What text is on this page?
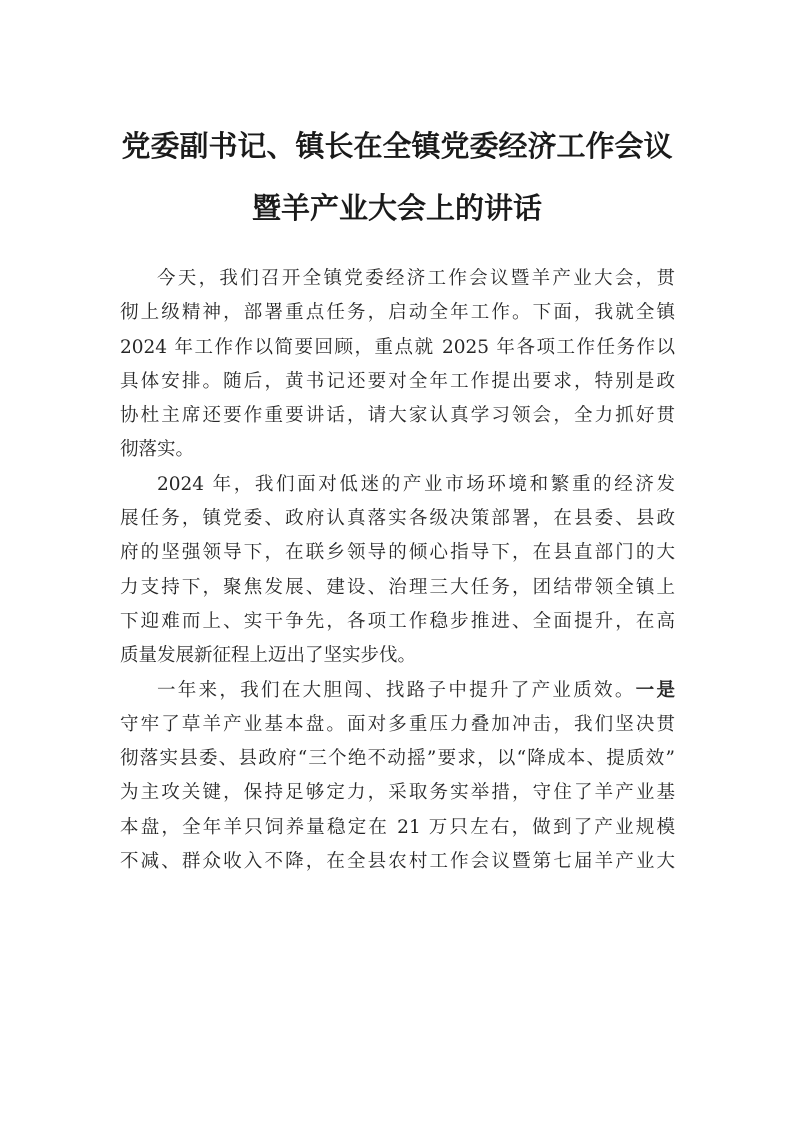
党委副书记、镇长在全镇党委经济工作会议
暨羊产业大会上的讲话
今天，我们召开全镇党委经济工作会议暨羊产业大会，贯
彻上级精神，部署重点任务，启动全年工作。下面，我就全镇
2024 年工作作以简要回顾，重点就 2025 年各项工作任务作以
具体安排。随后，黄书记还要对全年工作提出要求，特别是政
协杜主席还要作重要讲话，请大家认真学习领会，全力抓好贯
彻落实。
2024 年，我们面对低迷的产业市场环境和繁重的经济发
展任务，镇党委、政府认真落实各级决策部署，在县委、县政
府的坚强领导下，在联乡领导的倾心指导下，在县直部门的大
力支持下，聚焦发展、建设、治理三大任务，团结带领全镇上
下迎难而上、实干争先，各项工作稳步推进、全面提升，在高
质量发展新征程上迈出了坚实步伐。
一年来，我们在大胆闯、找路子中提升了产业质效。一是
守牢了草羊产业基本盘。面对多重压力叠加冲击，我们坚决贯
彻落实县委、县政府“三个绝不动摇”要求，以“降成本、提质效”
为主攻关键，保持足够定力，采取务实举措，守住了羊产业基
本盘，全年羊只饲养量稳定在 21 万只左右，做到了产业规模
不减、群众收入不降，在全县农村工作会议暨第七届羊产业大
